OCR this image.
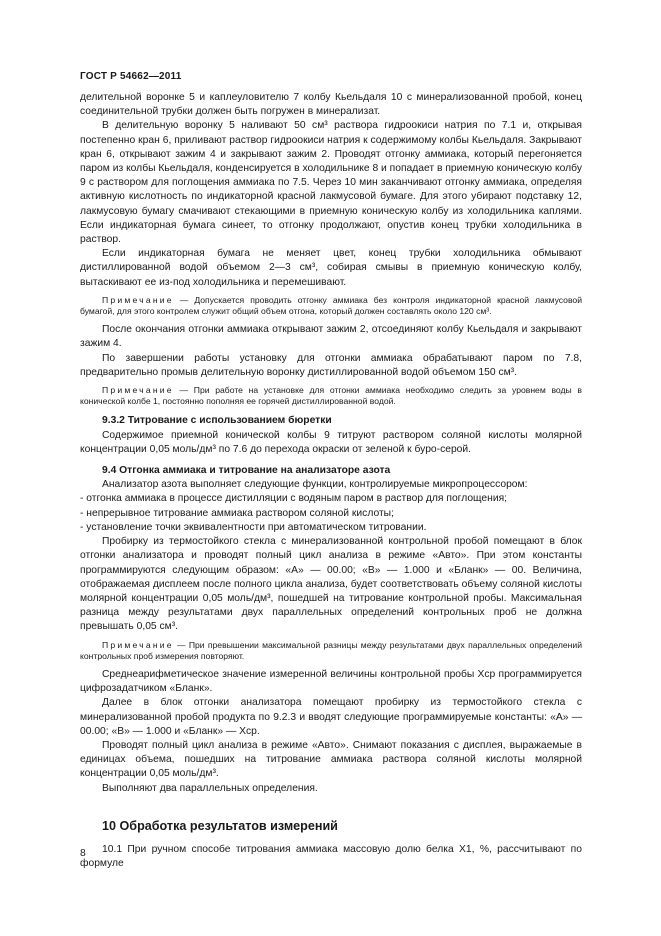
ГОСТ Р 54662—2011

делительной воронке 5 и каплеуловителю 7 колбу Кьельдаля 10 с минерализованной пробой, конец соединительной трубки должен быть погружен в минерализат.

В делительную воронку 5 наливают 50 см³ раствора гидроокиси натрия по 7.1 и, открывая постепенно кран 6, приливают раствор гидроокиси натрия к содержимому колбы Кьельдаля. Закрывают кран 6, открывают зажим 4 и закрывают зажим 2. Проводят отгонку аммиака, который перегоняется паром из колбы Кьельдаля, конденсируется в холодильнике 8 и попадает в приемную коническую колбу 9 с раствором для поглощения аммиака по 7.5. Через 10 мин заканчивают отгонку аммиака, определяя активную кислотность по индикаторной красной лакмусовой бумаге. Для этого убирают подставку 12, лакмусовую бумагу смачивают стекающими в приемную коническую колбу из холодильника каплями. Если индикаторная бумага синеет, то отгонку продолжают, опустив конец трубки холодильника в раствор.

Если индикаторная бумага не меняет цвет, конец трубки холодильника обмывают дистиллированной водой объемом 2—3 см³, собирая смывы в приемную коническую колбу, вытаскивают ее из-под холодильника и перемешивают.

Примечание — Допускается проводить отгонку аммиака без контроля индикаторной красной лакмусовой бумагой, для этого контролем служит общий объем отгона, который должен составлять около 120 см³.

После окончания отгонки аммиака открывают зажим 2, отсоединяют колбу Кьельдаля и закрывают зажим 4.

По завершении работы установку для отгонки аммиака обрабатывают паром по 7.8, предварительно промыв делительную воронку дистиллированной водой объемом 150 см³.

Примечание — При работе на установке для отгонки аммиака необходимо следить за уровнем воды в конической колбе 1, постоянно пополняя ее горячей дистиллированной водой.

9.3.2 Титрование с использованием бюретки

Содержимое приемной конической колбы 9 титруют раствором соляной кислоты молярной концентрации 0,05 моль/дм³ по 7.6 до перехода окраски от зеленой к буро-серой.

9.4 Отгонка аммиака и титрование на анализаторе азота

Анализатор азота выполняет следующие функции, контролируемые микропроцессором:

- отгонка аммиака в процессе дистилляции с водяным паром в раствор для поглощения;

- непрерывное титрование аммиака раствором соляной кислоты;

- установление точки эквивалентности при автоматическом титровании.

Пробирку из термостойкого стекла с минерализованной контрольной пробой помещают в блок отгонки анализатора и проводят полный цикл анализа в режиме «Авто». При этом константы программируются следующим образом: «А» — 00.00; «В» — 1.000 и «Бланк» — 00. Величина, отображаемая дисплеем после полного цикла анализа, будет соответствовать объему соляной кислоты молярной концентрации 0,05 моль/дм³, пошедшей на титрование контрольной пробы. Максимальная разница между результатами двух параллельных определений контрольных проб не должна превышать 0,05 см³.

Примечание — При превышении максимальной разницы между результатами двух параллельных определений контрольных проб измерения повторяют.

Среднеарифметическое значение измеренной величины контрольной пробы Xср программируется цифрозадатчиком «Бланк».

Далее в блок отгонки анализатора помещают пробирку из термостойкого стекла с минерализованной пробой продукта по 9.2.3 и вводят следующие программируемые константы: «А» — 00.00; «В» — 1.000 и «Бланк» — Xср.

Проводят полный цикл анализа в режиме «Авто». Снимают показания с дисплея, выражаемые в единицах объема, пошедших на титрование аммиака раствора соляной кислоты молярной концентрации 0,05 моль/дм³.

Выполняют два параллельных определения.

10 Обработка результатов измерений

10.1 При ручном способе титрования аммиака массовую долю белка X1, %, рассчитывают по формуле

8
